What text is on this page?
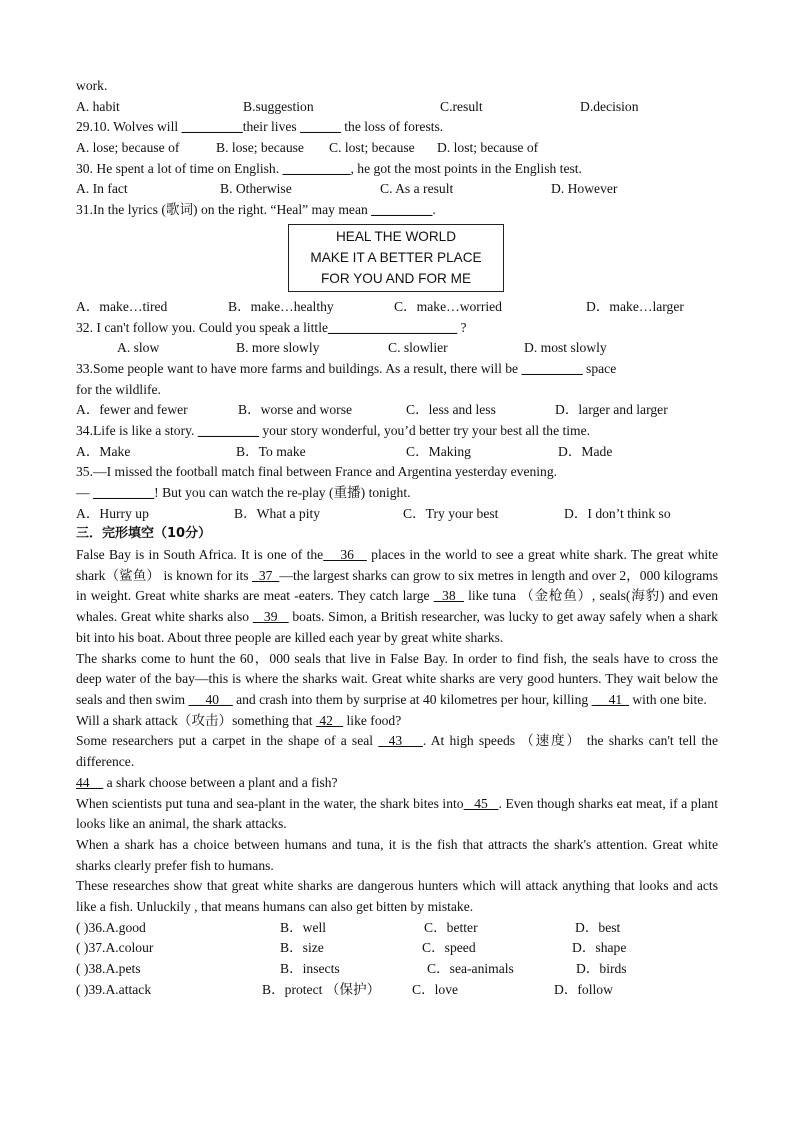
work.
A. habit	B.suggestion	C.result	D.decision
29.10. Wolves will _________their lives ______ the loss of forests.
A. lose; because of	B. lose; because C. lost; because D. lost; because of
30. He spent a lot of time on English. __________, he got the most points in the English test.
A. In fact	B. Otherwise	C. As a result	D. However
31.In the lyrics (歌词) on the right. “Heal” may mean _________.
HEAL THE WORLD
MAKE IT A BETTER PLACE
FOR YOU AND FOR ME
A．make…tired	B．make…healthy	C．make…worried	D．make…larger
32. I can't follow you. Could you speak a little___________________ ?
A. slow	B. more slowly	C. slowlier	D. most slowly
33.Some people want to have more farms and buildings. As a result, there will be _________ space
for the wildlife.
A．fewer and fewer	B．worse and worse	C．less and less	D．larger and larger
34.Life is like a story. _________ your story wonderful, you’d better try your best all the time.
A．Make	B．To make	C．Making	D．Made
35.—I missed the football match final between France and Argentina yesterday evening.
— _________! But you can watch the re-play (重播) tonight.
A．Hurry up	B．What a pity	C．Try your best	D．I don’t think so
三．完形填空（10分）
False Bay is in South Africa. It is one of the    36    places in the world to see a great white shark. The great white shark（鲨鱼） is known for its   37  —the largest sharks can grow to six metres in length and over 2，000 kilograms in weight. Great white sharks are meat -eaters. They catch large   38   like tuna （金枪鱼）, seals(海豹) and even whales. Great white sharks also    39    boats. Simon, a British researcher, was lucky to get away safely when a shark bit into his boat. About three people are killed each year by great white sharks.
The sharks come to hunt the 60，000 seals that live in False Bay. In order to find fish, the seals have to cross the deep water of the bay—this is where the sharks wait. Great white sharks are very good hunters. They wait below the seals and then swim  __40__ and crash into them by surprise at 40 kilometres per hour, killing  __41_ with one bite.
Will a shark attack（攻击）something that  42    like food?
Some researchers put a carpet in the shape of a seal   43    . At high speeds （速度） the sharks can't tell the difference.
44__ a shark choose between a plant and a fish?
When scientists put tuna and sea-plant in the water, the shark bites into   45   . Even though sharks eat meat, if a plant looks like an animal, the shark attacks.
When a shark has a choice between humans and tuna, it is the fish that attracts the shark's attention. Great white sharks clearly prefer fish to humans.
These researches show that great white sharks are dangerous hunters which will attack anything that looks and acts like a fish. Unluckily , that means humans can also get bitten by mistake.
( )36.A.good	B．well	C．better	D．best
( )37.A.colour	B．size	C．speed	D．shape
( )38.A.pets	B．insects	C．sea-animals	D．birds
( )39.A.attack	B．protect （保护） C．love	D．follow
